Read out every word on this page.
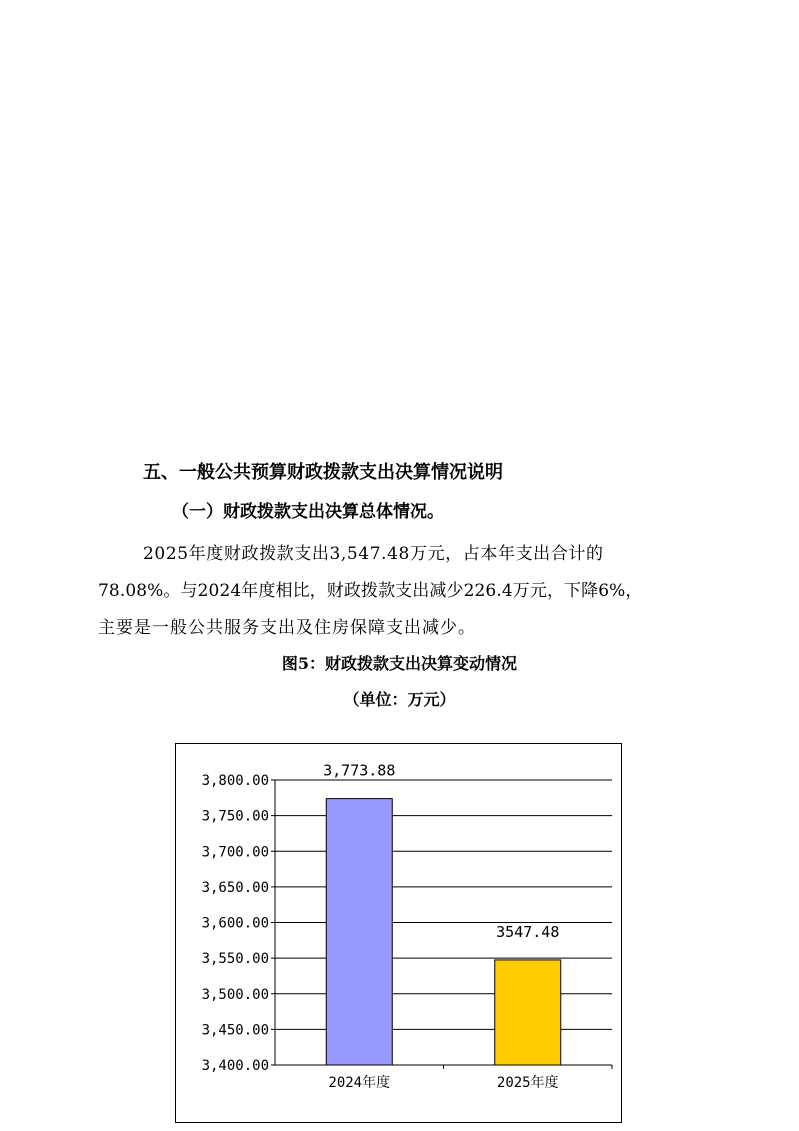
五、一般公共预算财政拨款支出决算情况说明
（一）财政拨款支出决算总体情况。
2025年度财政拨款支出3,547.48万元，占本年支出合计的
78.08%。与2024年度相比，财政拨款支出减少226.4万元，下降6%，
主要是一般公共服务支出及住房保障支出减少。
图5：财政拨款支出决算变动情况
（单位：万元）
3,400.00
3,450.00
3,500.00
3,550.00
3,600.00
3,650.00
3,700.00
3,750.00
3,800.00
3,773.88
2024年度
3547.48
2025年度
